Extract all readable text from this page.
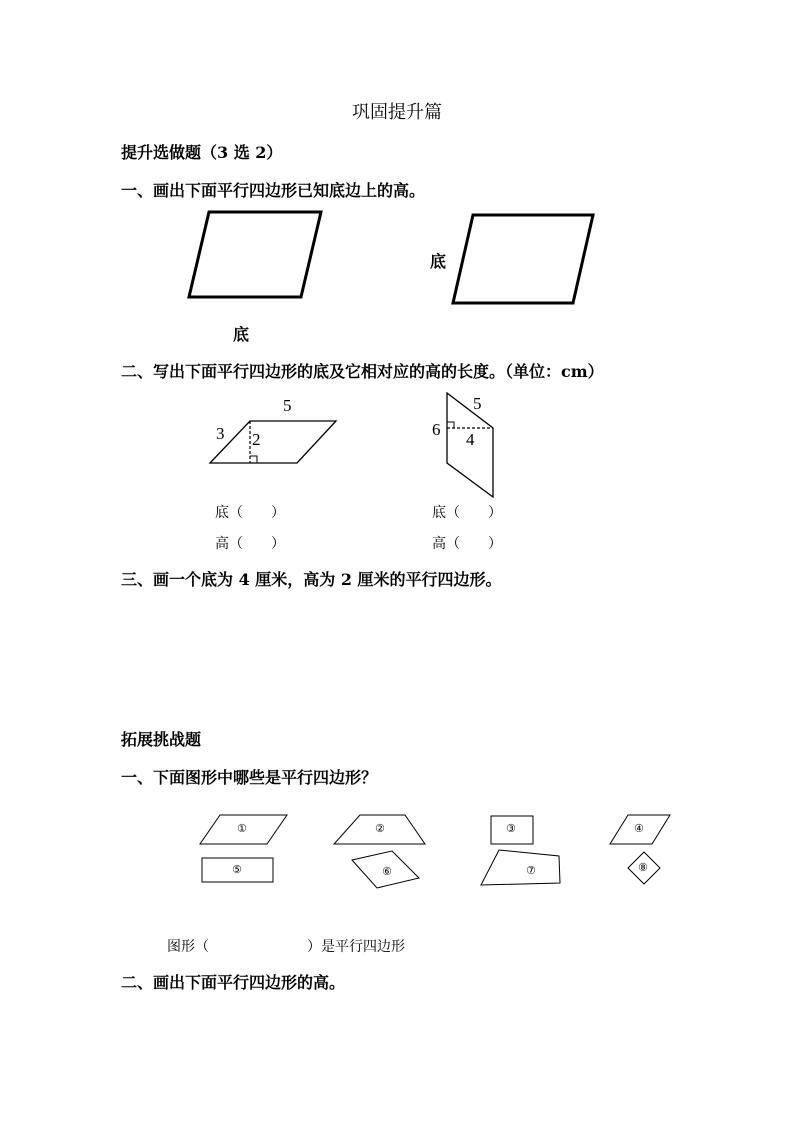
巩固提升篇
提升选做题（3 选 2）
一、画出下面平行四边形已知底边上的高。
底
底
二、写出下面平行四边形的底及它相对应的高的长度。（单位：cm）
5
3 2
5
6
4
底（　　）
高（　　）
底（　　）
高（　　）
三、画一个底为 4 厘米，高为 2 厘米的平行四边形。
拓展挑战题
一、下面图形中哪些是平行四边形？
①	②	③	④
⑤	⑥	⑦	⑧
图形（　　　　　　　）是平行四边形
二、画出下面平行四边形的高。
